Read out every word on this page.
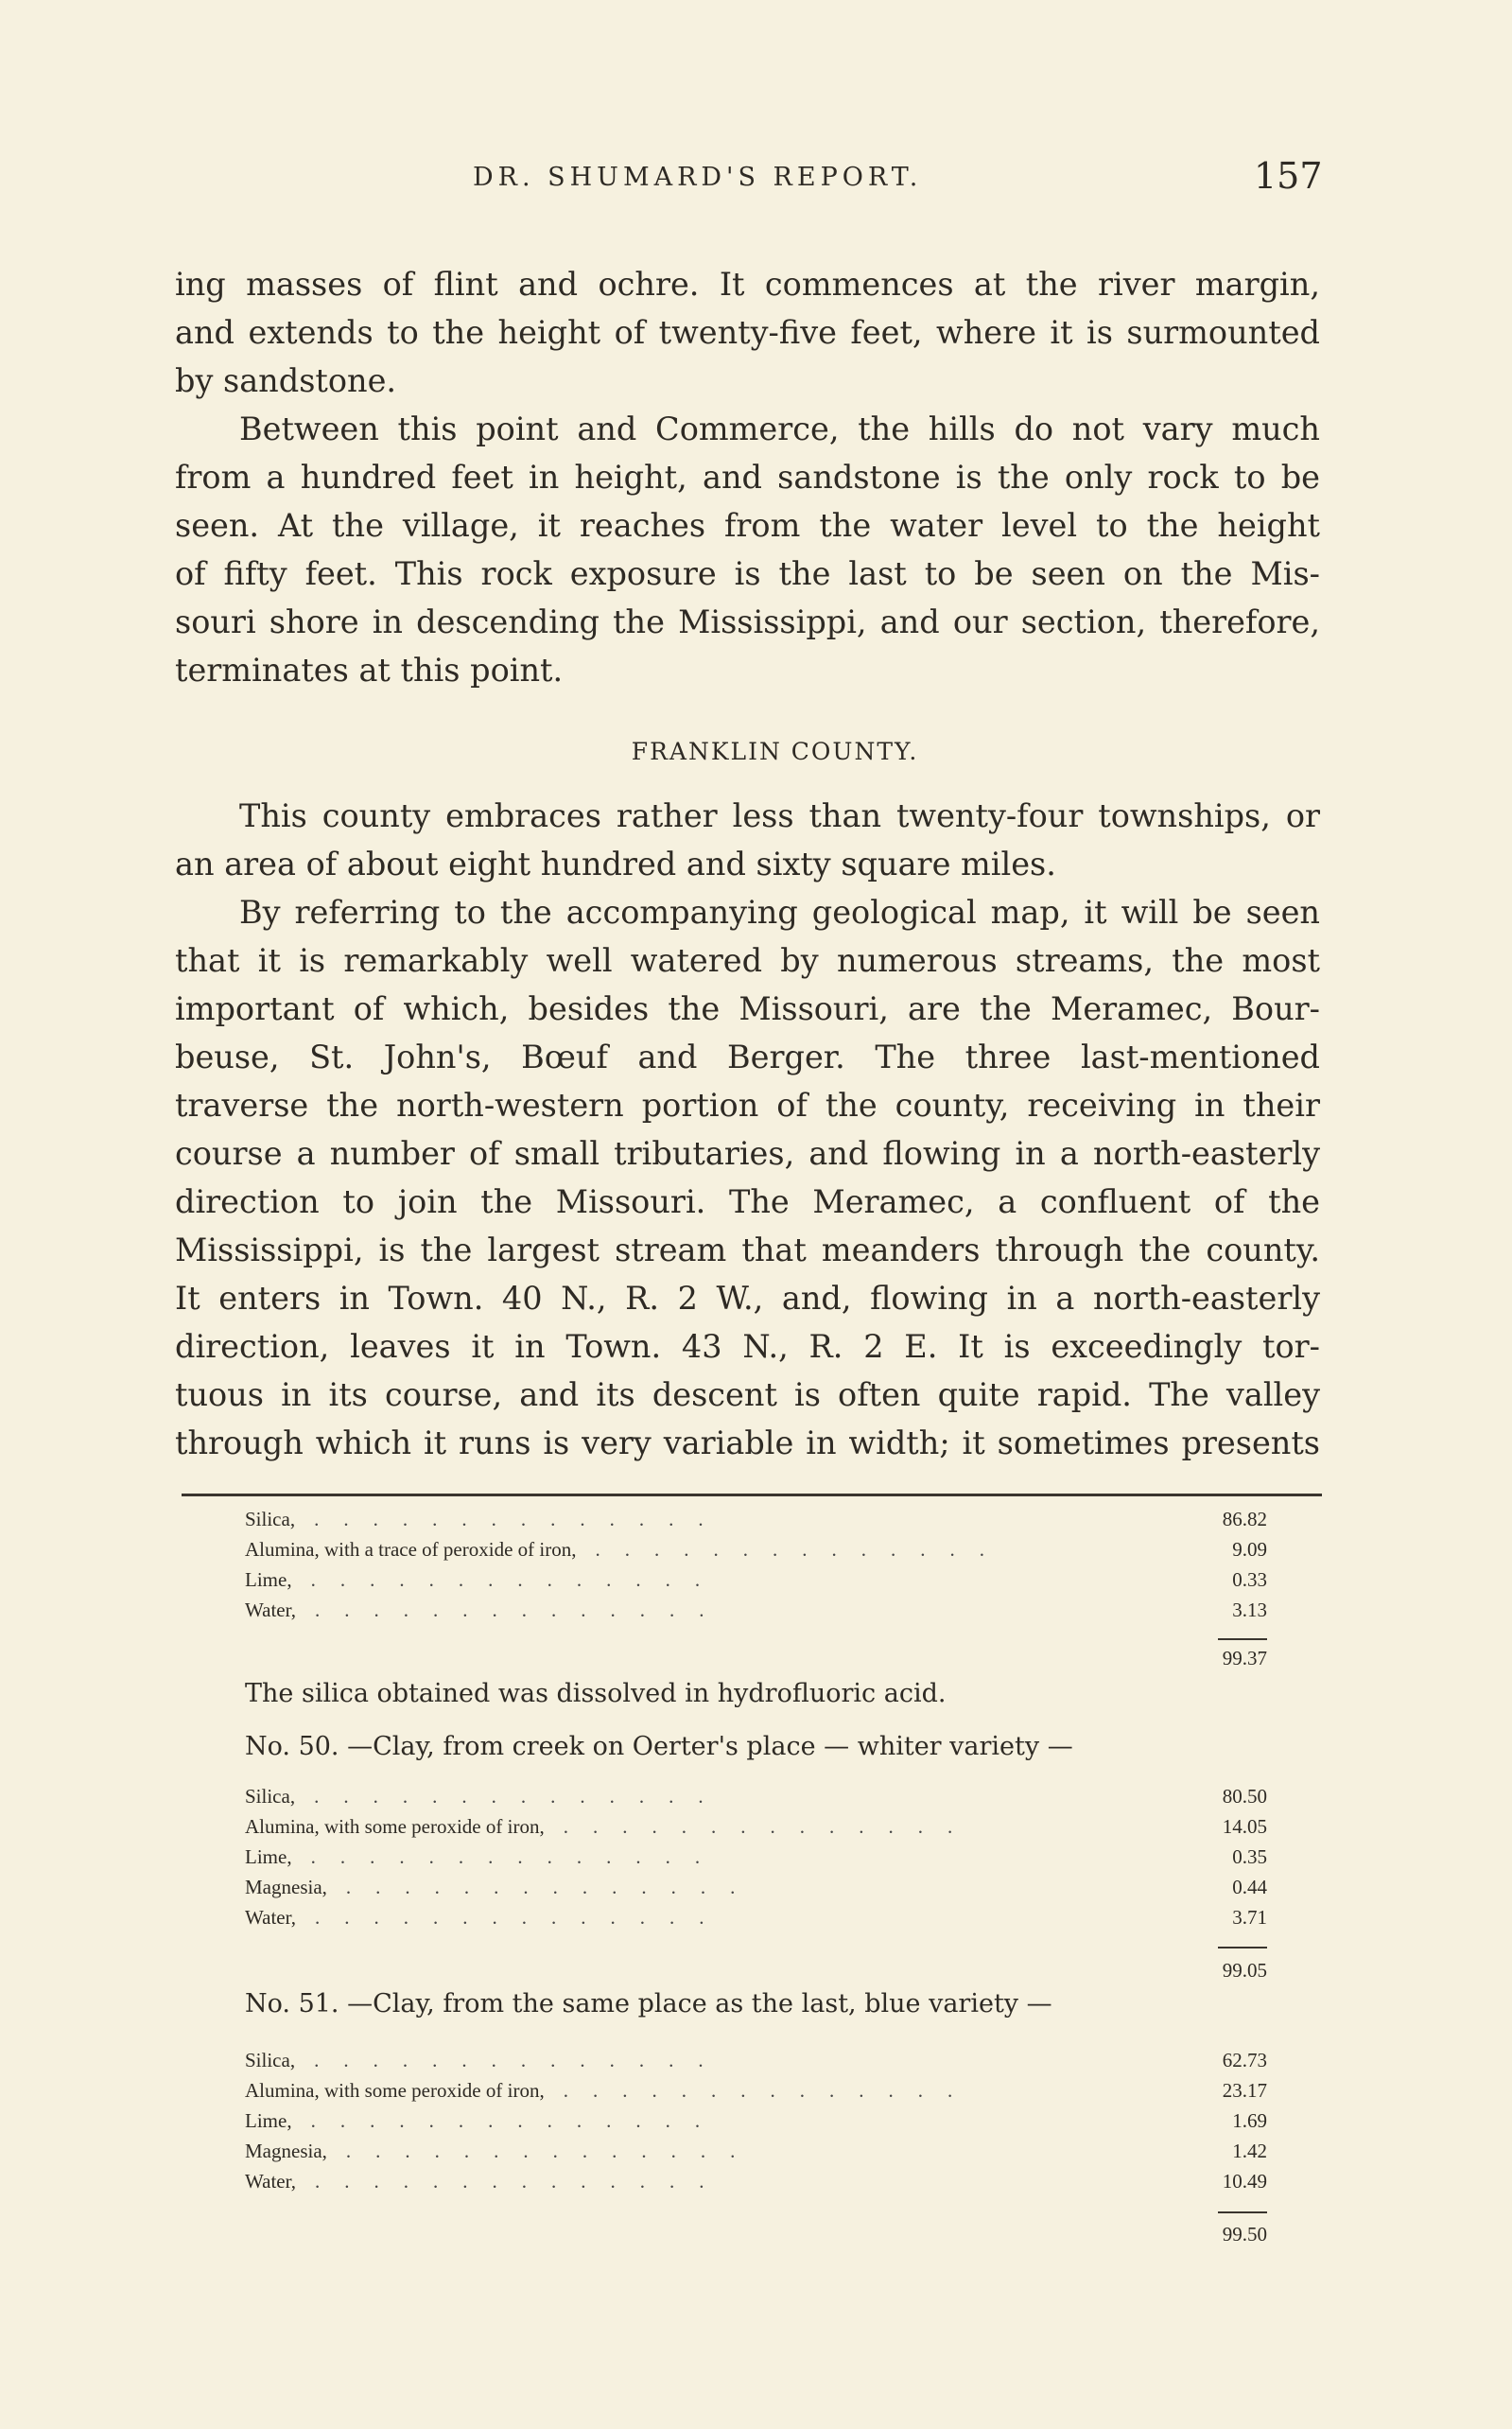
DR. SHUMARD'S REPORT.	157
ing masses of flint and ochre. It commences at the river margin,
and extends to the height of twenty-five feet, where it is surmounted
by sandstone.
Between this point and Commerce, the hills do not vary much
from a hundred feet in height, and sandstone is the only rock to be
seen. At the village, it reaches from the water level to the height
of fifty feet. This rock exposure is the last to be seen on the Mis-
souri shore in descending the Mississippi, and our section, therefore,
terminates at this point.
FRANKLIN COUNTY.
This county embraces rather less than twenty-four townships, or
an area of about eight hundred and sixty square miles.
By referring to the accompanying geological map, it will be seen
that it is remarkably well watered by numerous streams, the most
important of which, besides the Missouri, are the Meramec, Bour-
beuse, St. John's, Bœuf and Berger. The three last-mentioned
traverse the north-western portion of the county, receiving in their
course a number of small tributaries, and flowing in a north-easterly
direction to join the Missouri. The Meramec, a confluent of the
Mississippi, is the largest stream that meanders through the county.
It enters in Town. 40 N., R. 2 W., and, flowing in a north-easterly
direction, leaves it in Town. 43 N., R. 2 E. It is exceedingly tor-
tuous in its course, and its descent is often quite rapid. The valley
through which it runs is very variable in width; it sometimes presents
Silica, ..............	86.82
Alumina, with a trace of peroxide of iron, ..............	9.09
Lime, ..............	0.33
Water, ..............	3.13
99.37
The silica obtained was dissolved in hydrofluoric acid.
No. 50. —Clay, from creek on Oerter's place — whiter variety —
Silica, ..............	80.50
Alumina, with some peroxide of iron, ..............	14.05
Lime, ..............	0.35
Magnesia, ..............	0.44
Water, ..............	3.71
99.05
No. 51. —Clay, from the same place as the last, blue variety —
Silica, ..............	62.73
Alumina, with some peroxide of iron, ..............	23.17
Lime, ..............	1.69
Magnesia, ..............	1.42
Water, ..............	10.49
99.50
